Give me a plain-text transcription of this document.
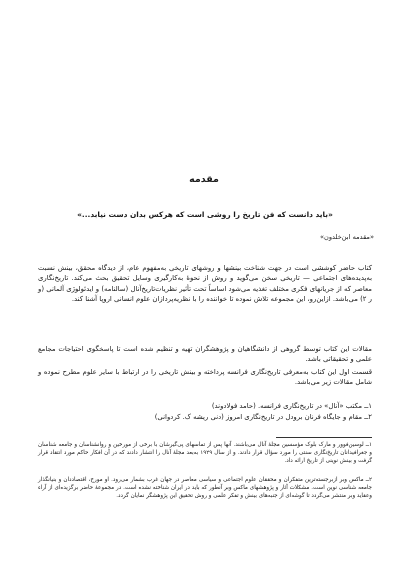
مقدمه
«باید دانست که فن تاریخ را روشی است که هرکس بدان دست نیابد...»
«مقدمه ابن‌خلدون»
کتاب حاضر کوششی است در جهت شناخت بینشها و روشهای تاریخی به‌مفهوم عام، از دیدگاه محقق، بینش نسبت به‌پدیده‌های اجتماعی — تاریخی سخن می‌گوید و روش از نحوهٔ به‌کارگیری وسایل تحقیق بحث می‌کند. تاریخ‌نگاری معاصر که از جریانهای فکری مختلف تغذیه می‌شود اساساً تحت تأثیر نظریات‌تاریخ‌آنال (سالنامه) و ایدئولوژی آلمانی (و ر ۲) می‌باشد. ازاین‌رو، این مجموعه تلاش نموده تا خواننده را با نظریه‌پردازان علوم انسانی اروپا آشنا کند.
مقالات این کتاب توسط گروهی از دانشگاهیان و پژوهشگران تهیه و تنظیم شده است تا پاسخگوی احتیاجات مجامع علمی و تحقیقاتی باشد.
قسمت اول این کتاب به‌معرفی تاریخ‌نگاری فرانسه پرداخته و بینش تاریخی را در ارتباط با سایر علوم مطرح نموده و شامل مقالات زیر می‌باشد.
۱ــ مکتب «آنال» در تاریخ‌نگاری فرانسه. (حامد فولادوند)
۲ــ مقام و جایگاه فرنان برودل در تاریخ‌نگاری امروز (دنی ریشه ک. کردوانی)
۱ــ لوسین‌فوور و مارک بلوک مؤسسین مجلهٔ آنال می‌باشند. آنها پس از تماسهای پی‌گیرشان با برخی از مورخین و روانشناسان و جامعه شناسان و جغرافیدانان تاریخ‌نگاری سنتی را مورد سؤال قرار دادند. و از سال ۱۹۲۹ به‌بعد مجلهٔ آنال را انتشار دادند که در آن افکار حاکم مورد انتقاد قرار گرفت و بینش نوینی از تاریخ ارائه داد.
۲ــ ماکس وبر ازبرجسته‌ترین متفکران و محققان علوم اجتماعی و سیاسی معاصر در جهان غرب بشمار می‌رود. او مورخ، اقتصاددان و بنیانگذار جامعه شناسی نوین است. مشکلات آثار و پژوهشهای ماکس وبر آنطور که باید در ایران شناخته نشده است. در مجموعهٔ حاضر برگزیده‌ای از آراء وعقاید وبر منتشر می‌گردد تا گوشه‌ای از جنبه‌های بینش و تفکر علمی و روش تحقیق این پژوهشگر نمایان گردد.
